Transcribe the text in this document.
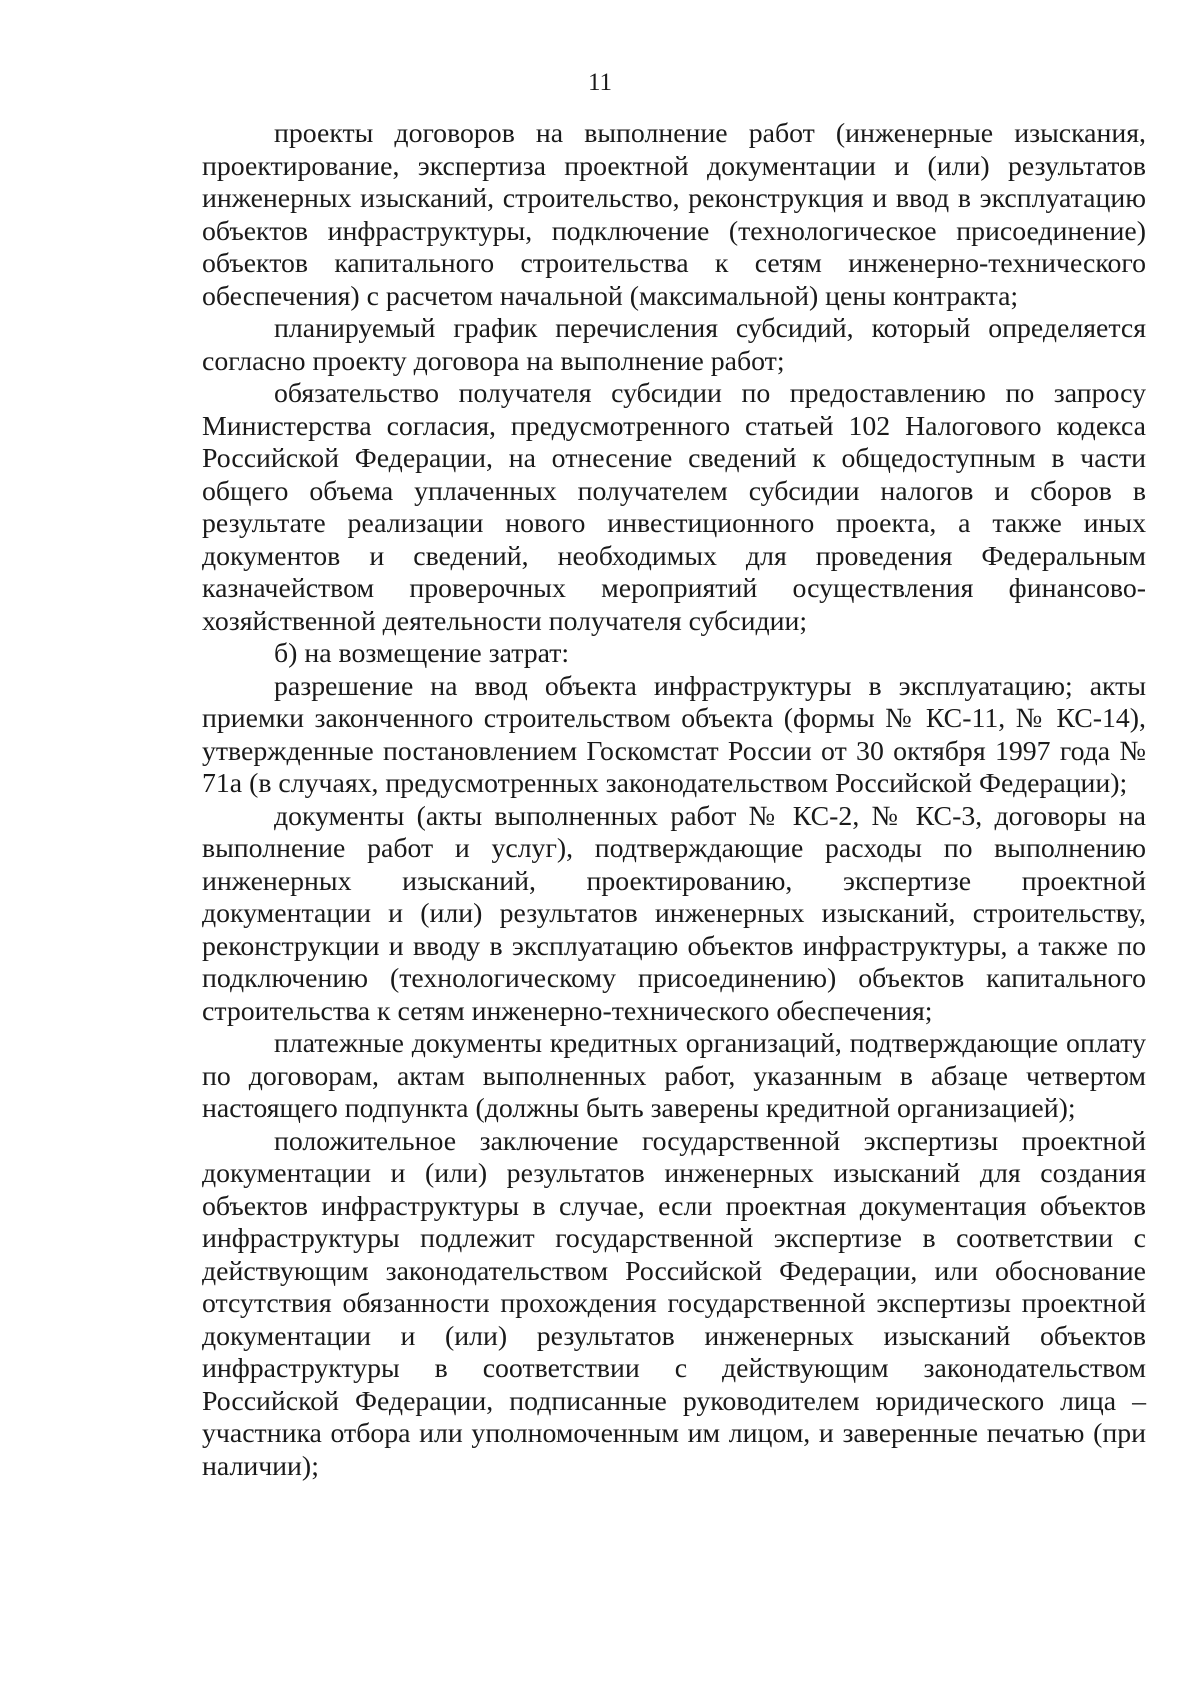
11

проекты договоров на выполнение работ (инженерные изыскания, проектирование, экспертиза проектной документации и (или) результатов инженерных изысканий, строительство, реконструкция и ввод в эксплуатацию объектов инфраструктуры, подключение (технологическое присоединение) объектов капитального строительства к сетям инженерно-технического обеспечения) с расчетом начальной (максимальной) цены контракта;

планируемый график перечисления субсидий, который определяется согласно проекту договора на выполнение работ;

обязательство получателя субсидии по предоставлению по запросу Министерства согласия, предусмотренного статьей 102 Налогового кодекса Российской Федерации, на отнесение сведений к общедоступным в части общего объема уплаченных получателем субсидии налогов и сборов в результате реализации нового инвестиционного проекта, а также иных документов и сведений, необходимых для проведения Федеральным казначейством проверочных мероприятий осуществления финансово-хозяйственной деятельности получателя субсидии;

б) на возмещение затрат:

разрешение на ввод объекта инфраструктуры в эксплуатацию; акты приемки законченного строительством объекта (формы № КС-11, № КС-14), утвержденные постановлением Госкомстат России от 30 октября 1997 года № 71а (в случаях, предусмотренных законодательством Российской Федерации);

документы (акты выполненных работ № КС-2, № КС-3, договоры на выполнение работ и услуг), подтверждающие расходы по выполнению инженерных изысканий, проектированию, экспертизе проектной документации и (или) результатов инженерных изысканий, строительству, реконструкции и вводу в эксплуатацию объектов инфраструктуры, а также по подключению (технологическому присоединению) объектов капитального строительства к сетям инженерно-технического обеспечения;

платежные документы кредитных организаций, подтверждающие оплату по договорам, актам выполненных работ, указанным в абзаце четвертом настоящего подпункта (должны быть заверены кредитной организацией);

положительное заключение государственной экспертизы проектной документации и (или) результатов инженерных изысканий для создания объектов инфраструктуры в случае, если проектная документация объектов инфраструктуры подлежит государственной экспертизе в соответствии с действующим законодательством Российской Федерации, или обоснование отсутствия обязанности прохождения государственной экспертизы проектной документации и (или) результатов инженерных изысканий объектов инфраструктуры в соответствии с действующим законодательством Российской Федерации, подписанные руководителем юридического лица – участника отбора или уполномоченным им лицом, и заверенные печатью (при наличии);
